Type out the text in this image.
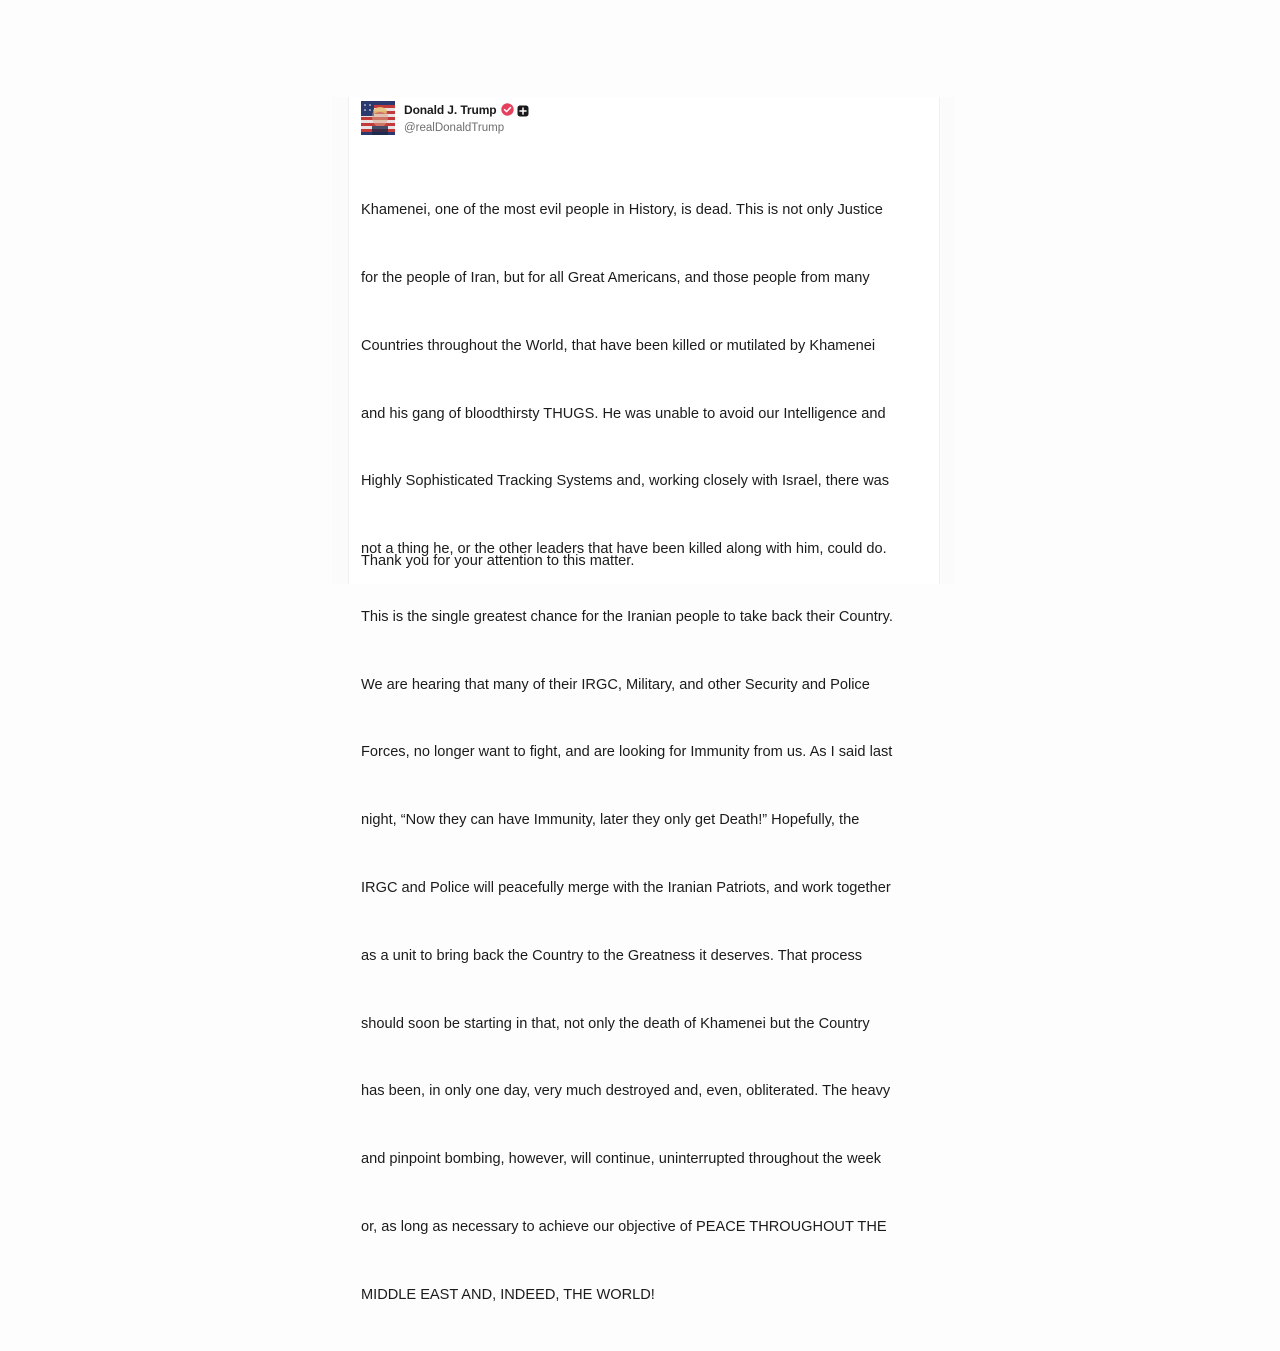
Donald J. Trump
@realDonaldTrump

Khamenei, one of the most evil people in History, is dead. This is not only Justice

for the people of Iran, but for all Great Americans, and those people from many

Countries throughout the World, that have been killed or mutilated by Khamenei

and his gang of bloodthirsty THUGS. He was unable to avoid our Intelligence and

Highly Sophisticated Tracking Systems and, working closely with Israel, there was

not a thing he, or the other leaders that have been killed along with him, could do.

This is the single greatest chance for the Iranian people to take back their Country.

We are hearing that many of their IRGC, Military, and other Security and Police

Forces, no longer want to fight, and are looking for Immunity from us. As I said last

night, “Now they can have Immunity, later they only get Death!” Hopefully, the

IRGC and Police will peacefully merge with the Iranian Patriots, and work together

as a unit to bring back the Country to the Greatness it deserves. That process

should soon be starting in that, not only the death of Khamenei but the Country

has been, in only one day, very much destroyed and, even, obliterated. The heavy

and pinpoint bombing, however, will continue, uninterrupted throughout the week

or, as long as necessary to achieve our objective of PEACE THROUGHOUT THE

MIDDLE EAST AND, INDEED, THE WORLD!

Thank you for your attention to this matter.
